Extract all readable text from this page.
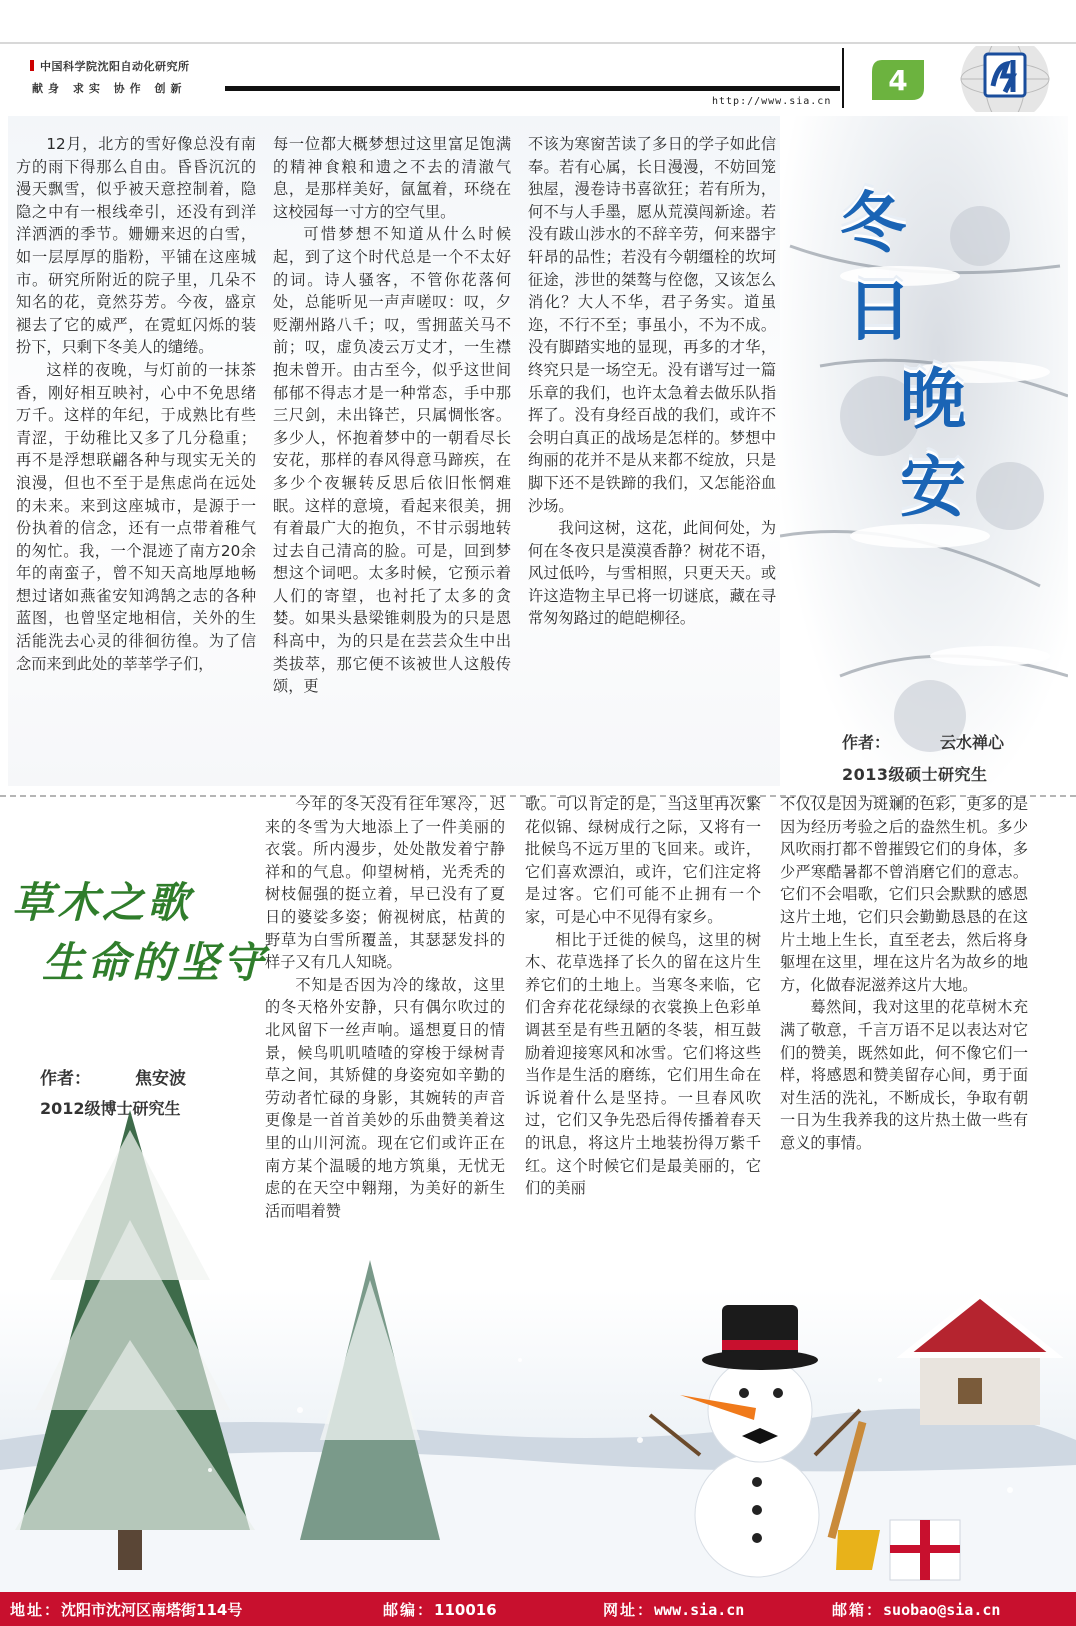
中国科学院沈阳自动化研究所
献身 求实 协作 创新
http://www.sia.cn
4

12月，北方的雪好像总没有南方的雨下得那么自由。昏昏沉沉的漫天飘雪，似乎被天意控制着，隐隐之中有一根线牵引，还没有到洋洋洒洒的季节。姗姗来迟的白雪，如一层厚厚的脂粉，平铺在这座城市。研究所附近的院子里，几朵不知名的花，竟然芬芳。今夜，盛京褪去了它的威严，在霓虹闪烁的装扮下，只剩下冬美人的缱绻。

这样的夜晚，与灯前的一抹茶香，刚好相互映衬，心中不免思绪万千。这样的年纪，于成熟比有些青涩，于幼稚比又多了几分稳重；再不是浮想联翩各种与现实无关的浪漫，但也不至于是焦虑尚在远处的未来。来到这座城市，是源于一份执着的信念，还有一点带着稚气的匆忙。我，一个混迹了南方20余年的南蛮子，曾不知天高地厚地畅想过诸如燕雀安知鸿鹄之志的各种蓝图，也曾坚定地相信，关外的生活能洗去心灵的徘徊彷徨。为了信念而来到此处的莘莘学子们，

每一位都大概梦想过这里富足饱满的精神食粮和遗之不去的清澈气息，是那样美好，氤氲着，环绕在这校园每一寸方的空气里。

可惜梦想不知道从什么时候起，到了这个时代总是一个不太好的词。诗人骚客，不管你花落何处，总能听见一声声嗟叹：叹，夕贬潮州路八千；叹，雪拥蓝关马不前；叹，虚负凌云万丈才，一生襟抱未曾开。由古至今，似乎这世间郁郁不得志才是一种常态，手中那三尺剑，未出锋芒，只属惆怅客。多少人，怀抱着梦中的一朝看尽长安花，那样的春风得意马蹄疾，在多少个夜辗转反思后依旧怅惘难眠。这样的意境，看起来很美，拥有着最广大的抱负，不甘示弱地转过去自己清高的脸。可是，回到梦想这个词吧。太多时候，它预示着人们的寄望，也衬托了太多的贪婪。如果头悬梁锥刺股为的只是恩科高中，为的只是在芸芸众生中出类拔萃，那它便不该被世人这般传颂，更

不该为寒窗苦读了多日的学子如此信奉。若有心属，长日漫漫，不妨回笼独屋，漫卷诗书喜欲狂；若有所为，何不与人手墨，愿从荒漠闯新途。若没有跋山涉水的不辞辛劳，何来器宇轩昂的品性；若没有今朝缰栓的坎坷征途，涉世的桀骜与倥偬，又该怎么消化？大人不华，君子务实。道虽迩，不行不至；事虽小，不为不成。没有脚踏实地的显现，再多的才华，终究只是一场空无。没有谱写过一篇乐章的我们，也许太急着去做乐队指挥了。没有身经百战的我们，或许不会明白真正的战场是怎样的。梦想中绚丽的花并不是从来都不绽放，只是脚下还不是铁蹄的我们，又怎能浴血沙场。

我问这树，这花，此间何处，为何在冬夜只是漠漠香静？树花不语，风过低吟，与雪相照，只更天天。或许这造物主早已将一切谜底，藏在寻常匆匆路过的皑皑柳径。

冬
日
晚
安
作者：	云水禅心
2013级硕士研究生
草木之歌
生命的坚守
作者：	焦安波
2012级博士研究生

今年的冬天没有往年寒冷，迟来的冬雪为大地添上了一件美丽的衣裳。所内漫步，处处散发着宁静祥和的气息。仰望树梢，光秃秃的树枝倔强的挺立着，早已没有了夏日的婆娑多姿；俯视树底，枯黄的野草为白雪所覆盖，其瑟瑟发抖的样子又有几人知晓。

不知是否因为冷的缘故，这里的冬天格外安静，只有偶尔吹过的北风留下一丝声响。遥想夏日的情景，候鸟叽叽喳喳的穿梭于绿树青草之间，其矫健的身姿宛如辛勤的劳动者忙碌的身影，其婉转的声音更像是一首首美妙的乐曲赞美着这里的山川河流。现在它们或许正在南方某个温暖的地方筑巢，无忧无虑的在天空中翱翔，为美好的新生活而唱着赞

歌。可以肯定的是，当这里再次繁花似锦、绿树成行之际，又将有一批候鸟不远万里的飞回来。或许，它们喜欢漂泊，或许，它们注定将是过客。它们可能不止拥有一个家，可是心中不见得有家乡。

相比于迁徙的候鸟，这里的树木、花草选择了长久的留在这片生养它们的土地上。当寒冬来临，它们舍弃花花绿绿的衣裳换上色彩单调甚至是有些丑陋的冬装，相互鼓励着迎接寒风和冰雪。它们将这些当作是生活的磨练，它们用生命在诉说着什么是坚持。一旦春风吹过，它们又争先恐后得传播着春天的讯息，将这片土地装扮得万紫千红。这个时候它们是最美丽的，它们的美丽

不仅仅是因为斑斓的色彩，更多的是因为经历考验之后的盎然生机。多少风吹雨打都不曾摧毁它们的身体，多少严寒酷暑都不曾消磨它们的意志。它们不会唱歌，它们只会默默的感恩这片土地，它们只会勤勤恳恳的在这片土地上生长，直至老去，然后将身躯埋在这里，埋在这片名为故乡的地方，化做春泥滋养这片大地。

蓦然间，我对这里的花草树木充满了敬意，千言万语不足以表达对它们的赞美，既然如此，何不像它们一样，将感恩和赞美留存心间，勇于面对生活的洗礼，不断成长，争取有朝一日为生我养我的这片热土做一些有意义的事情。

地址：沈阳市沈河区南塔街114号	邮编：110016	网址：www.sia.cn	邮箱：suobao@sia.cn
